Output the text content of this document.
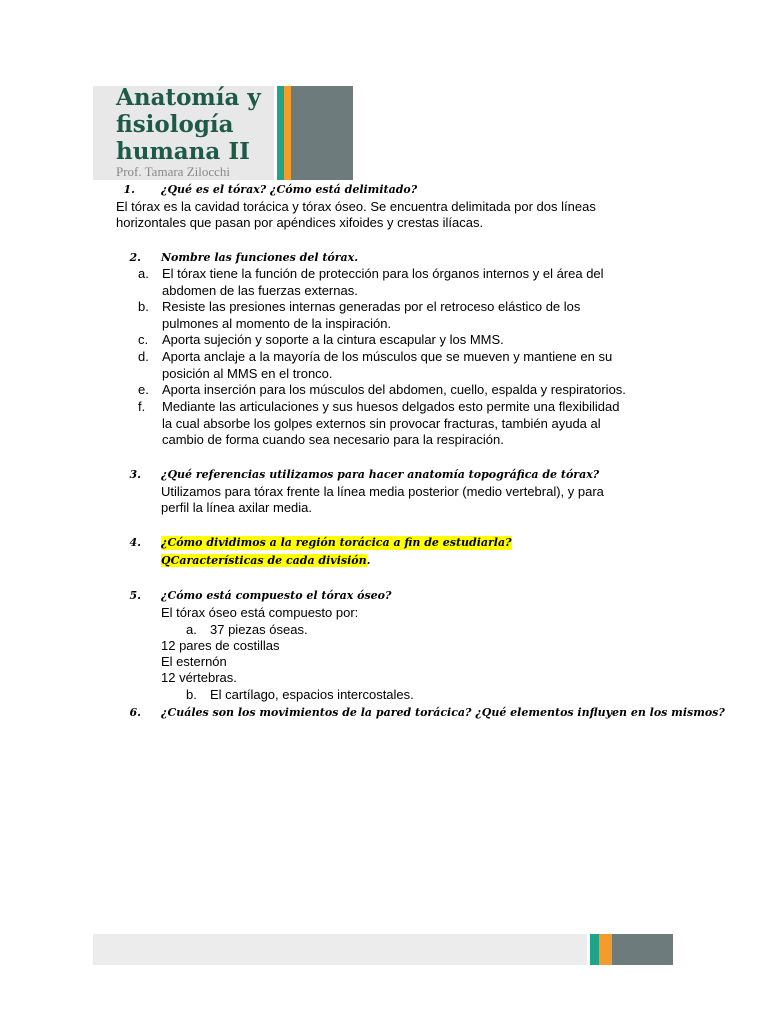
Anatomía y
fisiología
humana II
Prof. Tamara Zilocchi
1. ¿Qué es el tórax? ¿Cómo está delimitado?
El tórax es la cavidad torácica y tórax óseo. Se encuentra delimitada por dos líneas
horizontales que pasan por apéndices xifoides y crestas ilíacas.
2. Nombre las funciones del tórax.
a. El tórax tiene la función de protección para los órganos internos y el área del
abdomen de las fuerzas externas.
b. Resiste las presiones internas generadas por el retroceso elástico de los
pulmones al momento de la inspiración.
c. Aporta sujeción y soporte a la cintura escapular y los MMS.
d. Aporta anclaje a la mayoría de los músculos que se mueven y mantiene en su
posición al MMS en el tronco.
e. Aporta inserción para los músculos del abdomen, cuello, espalda y respiratorios.
f. Mediante las articulaciones y sus huesos delgados esto permite una flexibilidad
la cual absorbe los golpes externos sin provocar fracturas, también ayuda al
cambio de forma cuando sea necesario para la respiración.
3. ¿Qué referencias utilizamos para hacer anatomía topográfica de tórax?
Utilizamos para tórax frente la línea media posterior (medio vertebral), y para
perfil la línea axilar media.
4. ¿Cómo dividimos a la región torácica a fin de estudiarla?
QCaracterísticas de cada división.
5. ¿Cómo está compuesto el tórax óseo?
El tórax óseo está compuesto por:
a. 37 piezas óseas.
12 pares de costillas
El esternón
12 vértebras.
b. El cartílago, espacios intercostales.
6. ¿Cuáles son los movimientos de la pared torácica? ¿Qué elementos influyen en los mismos?
